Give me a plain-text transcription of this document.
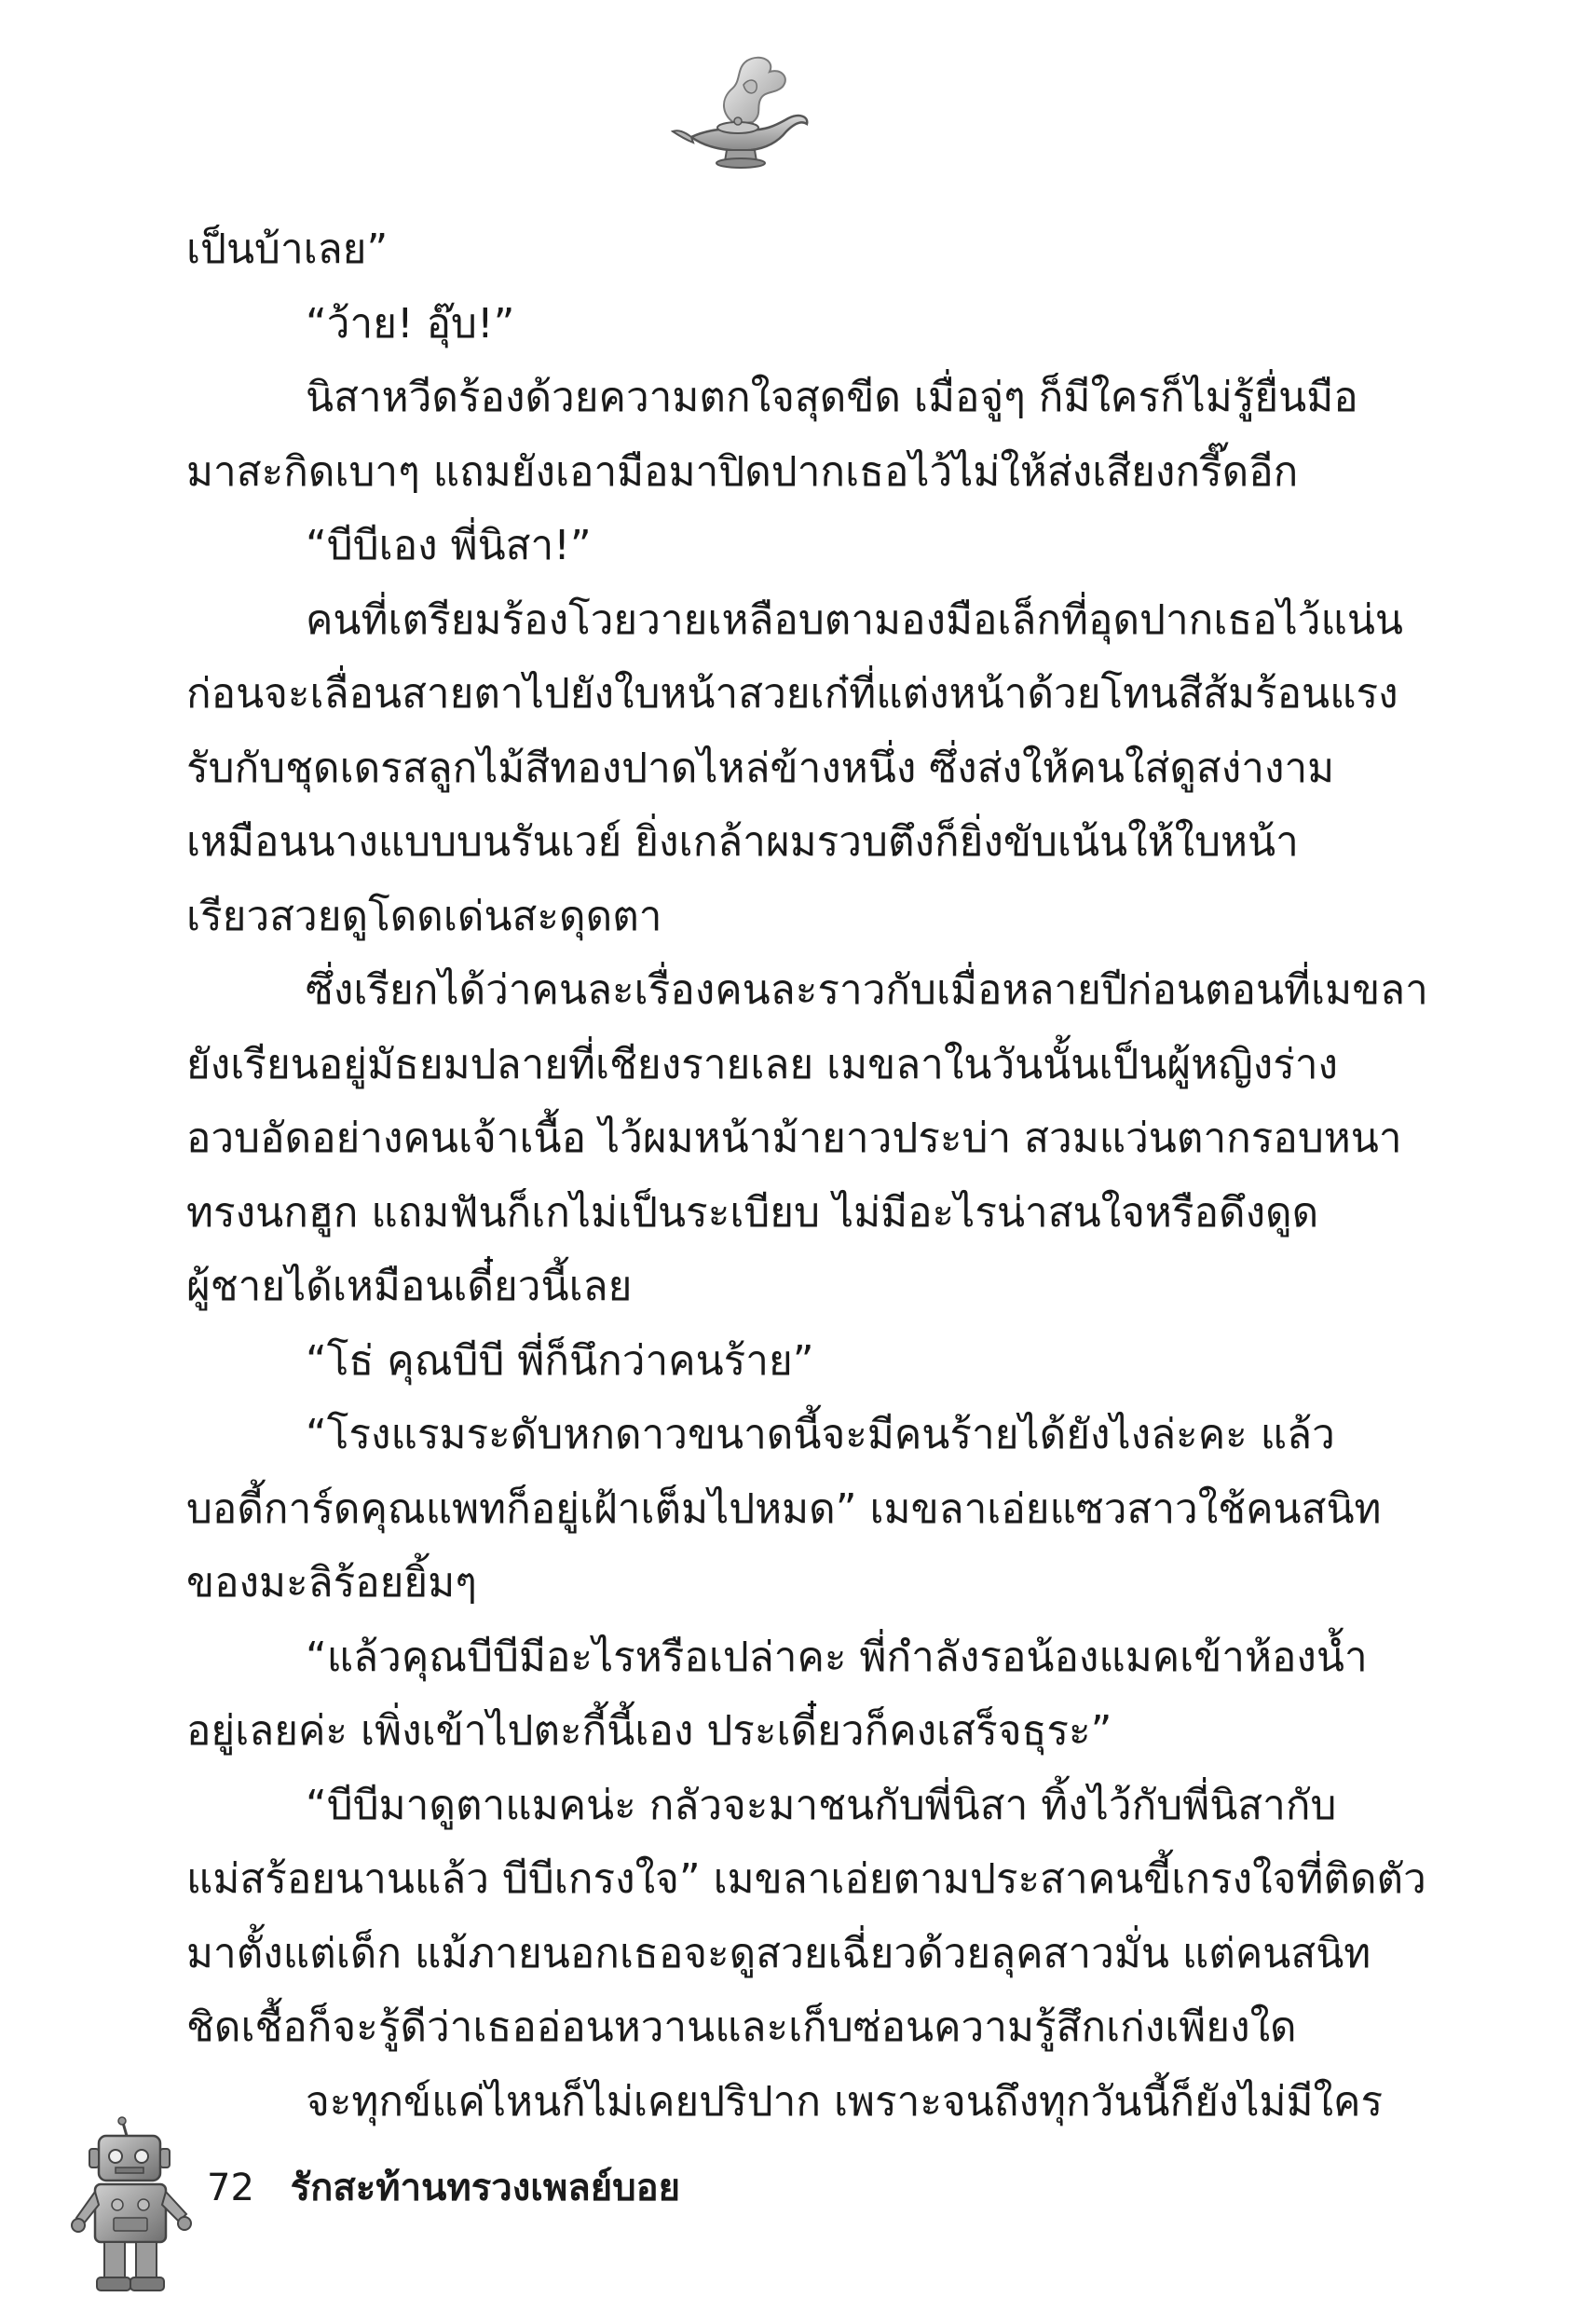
เป็นบ้าเลย”
“ว้าย! อุ๊บ!”
นิสาหวีดร้องด้วยความตกใจสุดขีด เมื่อจู่ๆ ก็มีใครก็ไม่รู้ยื่นมือ
มาสะกิดเบาๆ แถมยังเอามือมาปิดปากเธอไว้ไม่ให้ส่งเสียงกรี๊ดอีก
“บีบีเอง พี่นิสา!”
คนที่เตรียมร้องโวยวายเหลือบตามองมือเล็กที่อุดปากเธอไว้แน่น
ก่อนจะเลื่อนสายตาไปยังใบหน้าสวยเก๋ที่แต่งหน้าด้วยโทนสีส้มร้อนแรง
รับกับชุดเดรสลูกไม้สีทองปาดไหล่ข้างหนึ่ง ซึ่งส่งให้คนใส่ดูสง่างาม
เหมือนนางแบบบนรันเวย์ ยิ่งเกล้าผมรวบตึงก็ยิ่งขับเน้นให้ใบหน้า
เรียวสวยดูโดดเด่นสะดุดตา
ซึ่งเรียกได้ว่าคนละเรื่องคนละราวกับเมื่อหลายปีก่อนตอนที่เมขลา
ยังเรียนอยู่มัธยมปลายที่เชียงรายเลย เมขลาในวันนั้นเป็นผู้หญิงร่าง
อวบอัดอย่างคนเจ้าเนื้อ ไว้ผมหน้าม้ายาวประบ่า สวมแว่นตากรอบหนา
ทรงนกฮูก แถมฟันก็เกไม่เป็นระเบียบ ไม่มีอะไรน่าสนใจหรือดึงดูด
ผู้ชายได้เหมือนเดี๋ยวนี้เลย
“โธ่ คุณบีบี พี่ก็นึกว่าคนร้าย”
“โรงแรมระดับหกดาวขนาดนี้จะมีคนร้ายได้ยังไงล่ะคะ แล้ว
บอดี้การ์ดคุณแพทก็อยู่เฝ้าเต็มไปหมด” เมขลาเอ่ยแซวสาวใช้คนสนิท
ของมะลิร้อยยิ้มๆ
“แล้วคุณบีบีมีอะไรหรือเปล่าคะ พี่กำลังรอน้องแมคเข้าห้องน้ำ
อยู่เลยค่ะ เพิ่งเข้าไปตะกี้นี้เอง ประเดี๋ยวก็คงเสร็จธุระ”
“บีบีมาดูตาแมคน่ะ กลัวจะมาชนกับพี่นิสา ทิ้งไว้กับพี่นิสากับ
แม่สร้อยนานแล้ว บีบีเกรงใจ” เมขลาเอ่ยตามประสาคนขี้เกรงใจที่ติดตัว
มาตั้งแต่เด็ก แม้ภายนอกเธอจะดูสวยเฉี่ยวด้วยลุคสาวมั่น แต่คนสนิท
ชิดเชื้อก็จะรู้ดีว่าเธออ่อนหวานและเก็บซ่อนความรู้สึกเก่งเพียงใด
จะทุกข์แค่ไหนก็ไม่เคยปริปาก เพราะจนถึงทุกวันนี้ก็ยังไม่มีใคร
72 รักสะท้านทรวงเพลย์บอย
